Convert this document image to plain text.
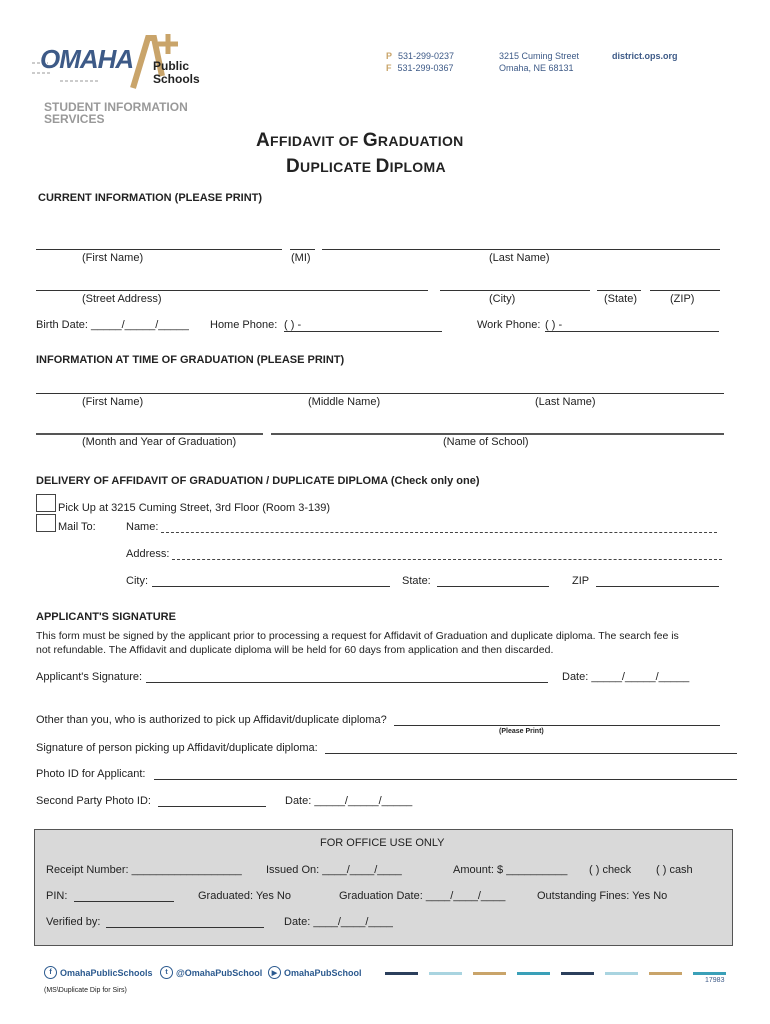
OMAHA Public
Schools
STUDENT INFORMATION
SERVICES
P 531-299-0237
F 531-299-0367
3215 Cuming Street
Omaha, NE 68131
district.ops.org
AFFIDAVIT OF GRADUATION
DUPLICATE DIPLOMA
CURRENT INFORMATION (PLEASE PRINT)
(First Name)	(MI)	(Last Name)
(Street Address)	(City)	(State)	(ZIP)
Birth Date: _____/_____/_____ Home Phone: ( ) -	Work Phone: ( ) -
INFORMATION AT TIME OF GRADUATION (PLEASE PRINT)
(First Name)	(Middle Name)	(Last Name)
(Month and Year of Graduation)	(Name of School)
DELIVERY OF AFFIDAVIT OF GRADUATION / DUPLICATE DIPLOMA (Check only one)
Pick Up at 3215 Cuming Street, 3rd Floor (Room 3-139)
Mail To:	Name:
Address:
City:	State:	ZIP
APPLICANT'S SIGNATURE
This form must be signed by the applicant prior to processing a request for Affidavit of Graduation and duplicate diploma. The search fee is
not refundable. The Affidavit and duplicate diploma will be held for 60 days from application and then discarded.
Applicant's Signature:	Date: _____/_____/_____
Other than you, who is authorized to pick up Affidavit/duplicate diploma?
(Please Print)
Signature of person picking up Affidavit/duplicate diploma:
Photo ID for Applicant:
Second Party Photo ID:	Date: _____/_____/_____
FOR OFFICE USE ONLY
Receipt Number: __________________ Issued On: ____/____/____	Amount: $ __________ ( ) check ( ) cash
PIN:	Graduated: Yes No	Graduation Date: ____/____/____	Outstanding Fines: Yes No
Verified by:	Date: ____/____/____
f OmahaPublicSchools	t @OmahaPubSchool	▶ OmahaPubSchool
17983
(MS\Duplicate Dip for Sirs)
